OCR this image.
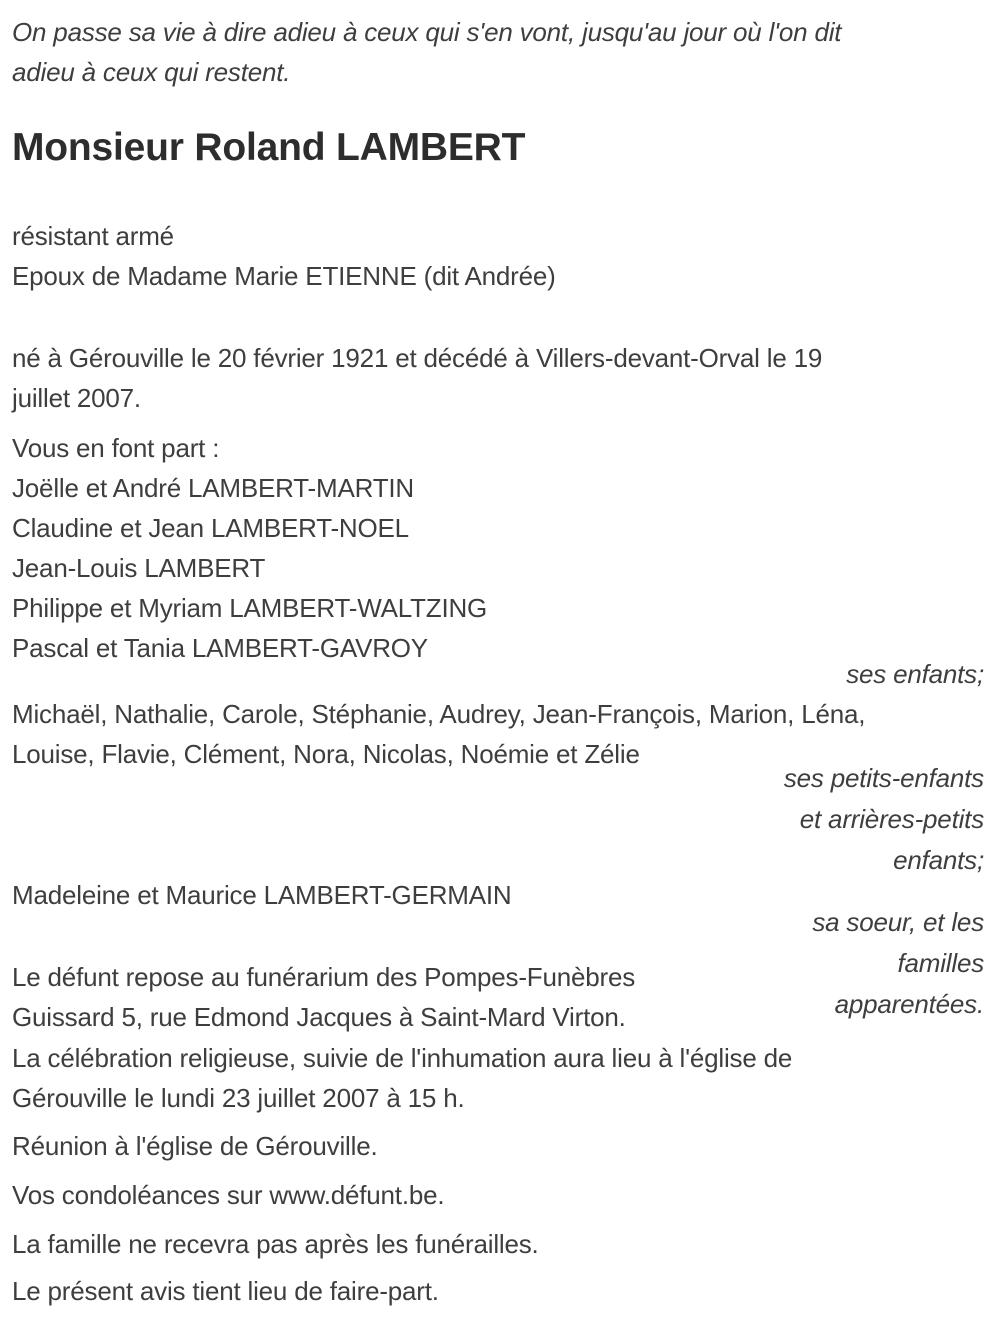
On passe sa vie à dire adieu à ceux qui s'en vont, jusqu'au jour où l'on dit
adieu à ceux qui restent.
Monsieur Roland LAMBERT
résistant armé
Epoux de Madame Marie ETIENNE (dit Andrée)
né à Gérouville le 20 février 1921 et décédé à Villers-devant-Orval le 19
juillet 2007.
Vous en font part :
Joëlle et André LAMBERT-MARTIN
Claudine et Jean LAMBERT-NOEL
Jean-Louis LAMBERT
Philippe et Myriam LAMBERT-WALTZING
Pascal et Tania LAMBERT-GAVROY
ses enfants;
Michaël, Nathalie, Carole, Stéphanie, Audrey, Jean-François, Marion, Léna,
Louise, Flavie, Clément, Nora, Nicolas, Noémie et Zélie
ses petits-enfants
et arrières-petits
enfants;
Madeleine et Maurice LAMBERT-GERMAIN
Le défunt repose au funérarium des Pompes-Funèbres
Guissard 5, rue Edmond Jacques à Saint-Mard Virton.
sa soeur, et les
familles
apparentées.
La célébration religieuse, suivie de l'inhumation aura lieu à l'église de
Gérouville le lundi 23 juillet 2007 à 15 h.
Réunion à l'église de Gérouville.
Vos condoléances sur www.défunt.be.
La famille ne recevra pas après les funérailles.
Le présent avis tient lieu de faire-part.
